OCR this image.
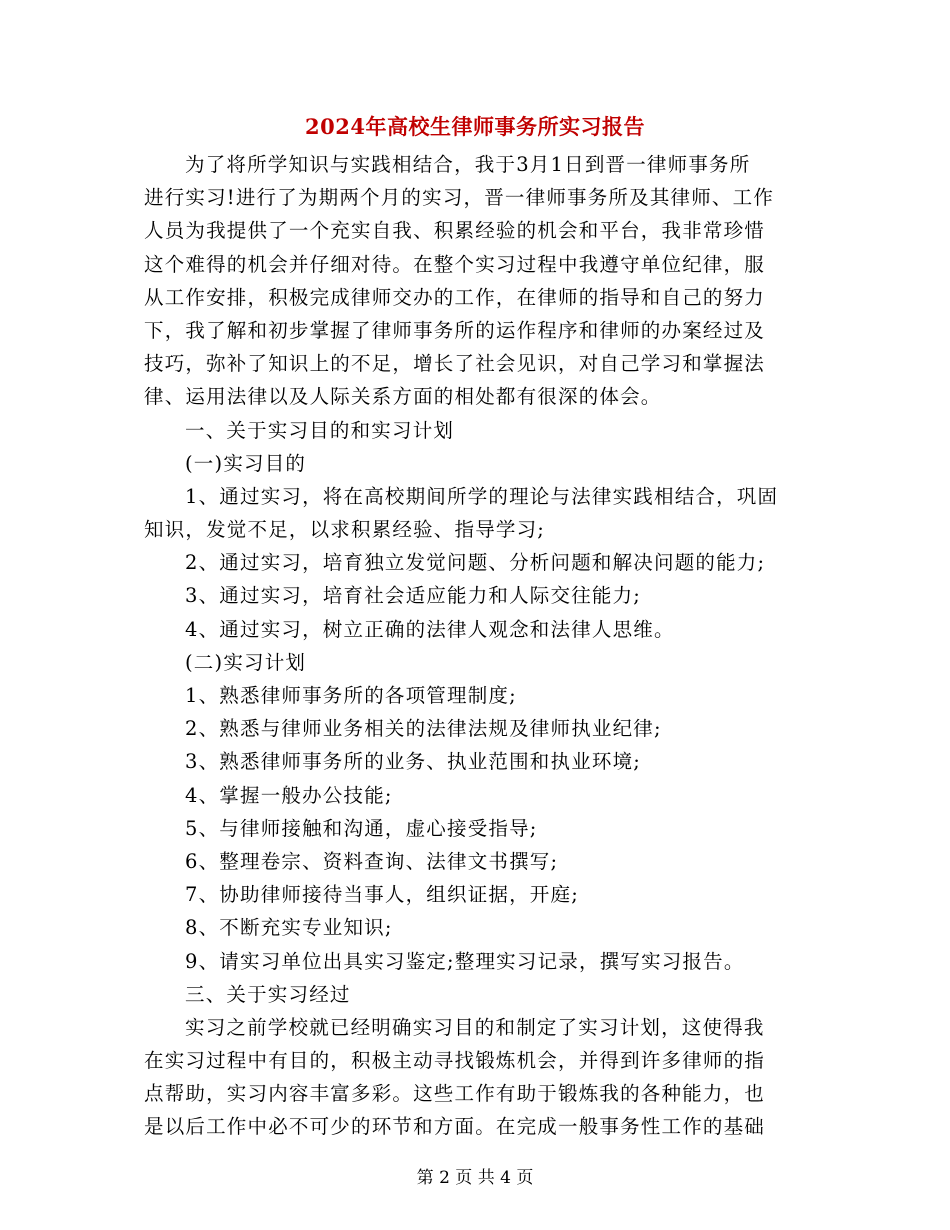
2024年高校生律师事务所实习报告
为了将所学知识与实践相结合，我于3月1日到晋一律师事务所
进行实习!进行了为期两个月的实习，晋一律师事务所及其律师、工作
人员为我提供了一个充实自我、积累经验的机会和平台，我非常珍惜
这个难得的机会并仔细对待。在整个实习过程中我遵守单位纪律，服
从工作安排，积极完成律师交办的工作，在律师的指导和自己的努力
下，我了解和初步掌握了律师事务所的运作程序和律师的办案经过及
技巧，弥补了知识上的不足，增长了社会见识，对自己学习和掌握法
律、运用法律以及人际关系方面的相处都有很深的体会。
一、关于实习目的和实习计划
(一)实习目的
1、通过实习，将在高校期间所学的理论与法律实践相结合，巩固
知识，发觉不足，以求积累经验、指导学习;
2、通过实习，培育独立发觉问题、分析问题和解决问题的能力;
3、通过实习，培育社会适应能力和人际交往能力;
4、通过实习，树立正确的法律人观念和法律人思维。
(二)实习计划
1、熟悉律师事务所的各项管理制度;
2、熟悉与律师业务相关的法律法规及律师执业纪律;
3、熟悉律师事务所的业务、执业范围和执业环境;
4、掌握一般办公技能;
5、与律师接触和沟通，虚心接受指导;
6、整理卷宗、资料查询、法律文书撰写;
7、协助律师接待当事人，组织证据，开庭;
8、不断充实专业知识;
9、请实习单位出具实习鉴定;整理实习记录，撰写实习报告。
三、关于实习经过
实习之前学校就已经明确实习目的和制定了实习计划，这使得我
在实习过程中有目的，积极主动寻找锻炼机会，并得到许多律师的指
点帮助，实习内容丰富多彩。这些工作有助于锻炼我的各种能力，也
是以后工作中必不可少的环节和方面。在完成一般事务性工作的基础
第 2 页 共 4 页
